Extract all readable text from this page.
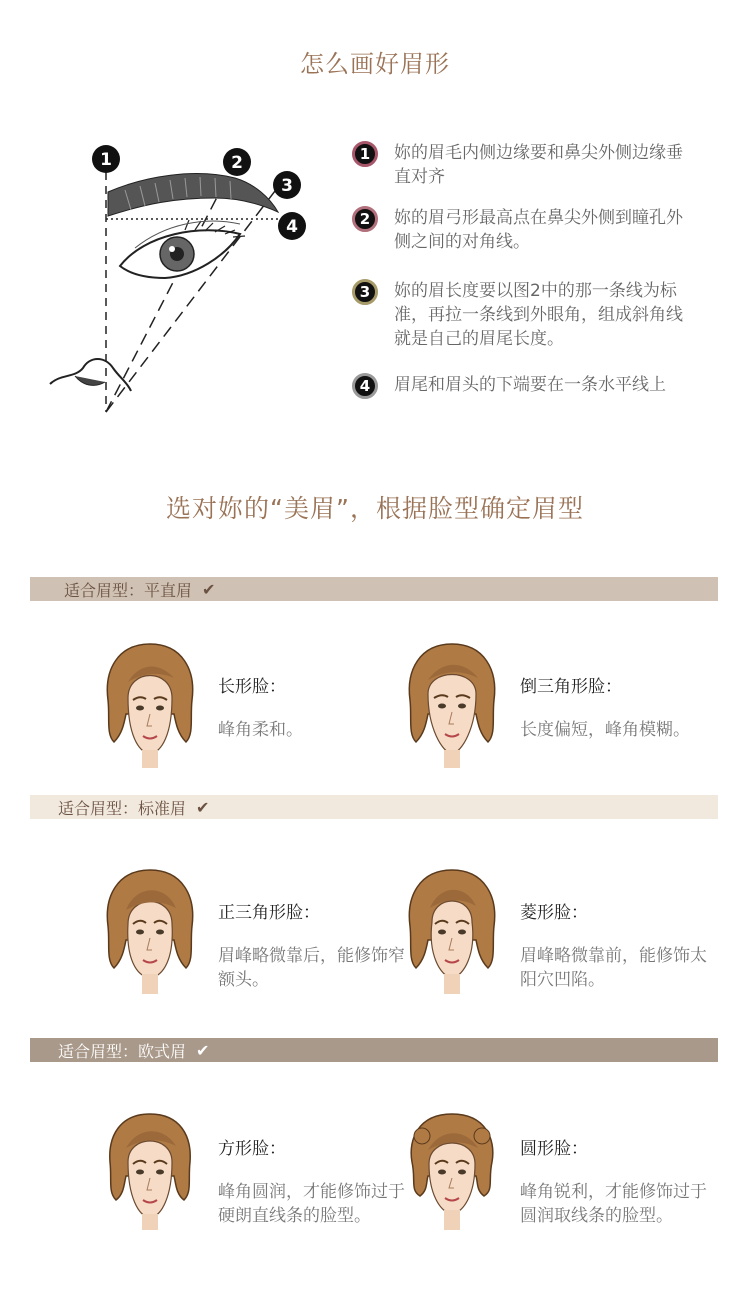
怎么画好眉形
1	2
3
4
1	妳的眉毛内侧边缘要和鼻尖外侧边缘垂直对齐
2	妳的眉弓形最高点在鼻尖外侧到瞳孔外侧之间的对角线。
3	妳的眉长度要以图2中的那一条线为标准，再拉一条线到外眼角，组成斜角线就是自己的眉尾长度。
4	眉尾和眉头的下端要在一条水平线上
选对妳的“美眉”，根据脸型确定眉型
适合眉型：平直眉 ✔
长形脸：
峰角柔和。
倒三角形脸：
长度偏短，峰角模糊。
适合眉型：标准眉 ✔
正三角形脸：
眉峰略微靠后，能修饰窄额头。
菱形脸：
眉峰略微靠前，能修饰太阳穴凹陷。
适合眉型：欧式眉 ✔
方形脸：
峰角圆润，才能修饰过于硬朗直线条的脸型。
圆形脸：
峰角锐利，才能修饰过于圆润取线条的脸型。
